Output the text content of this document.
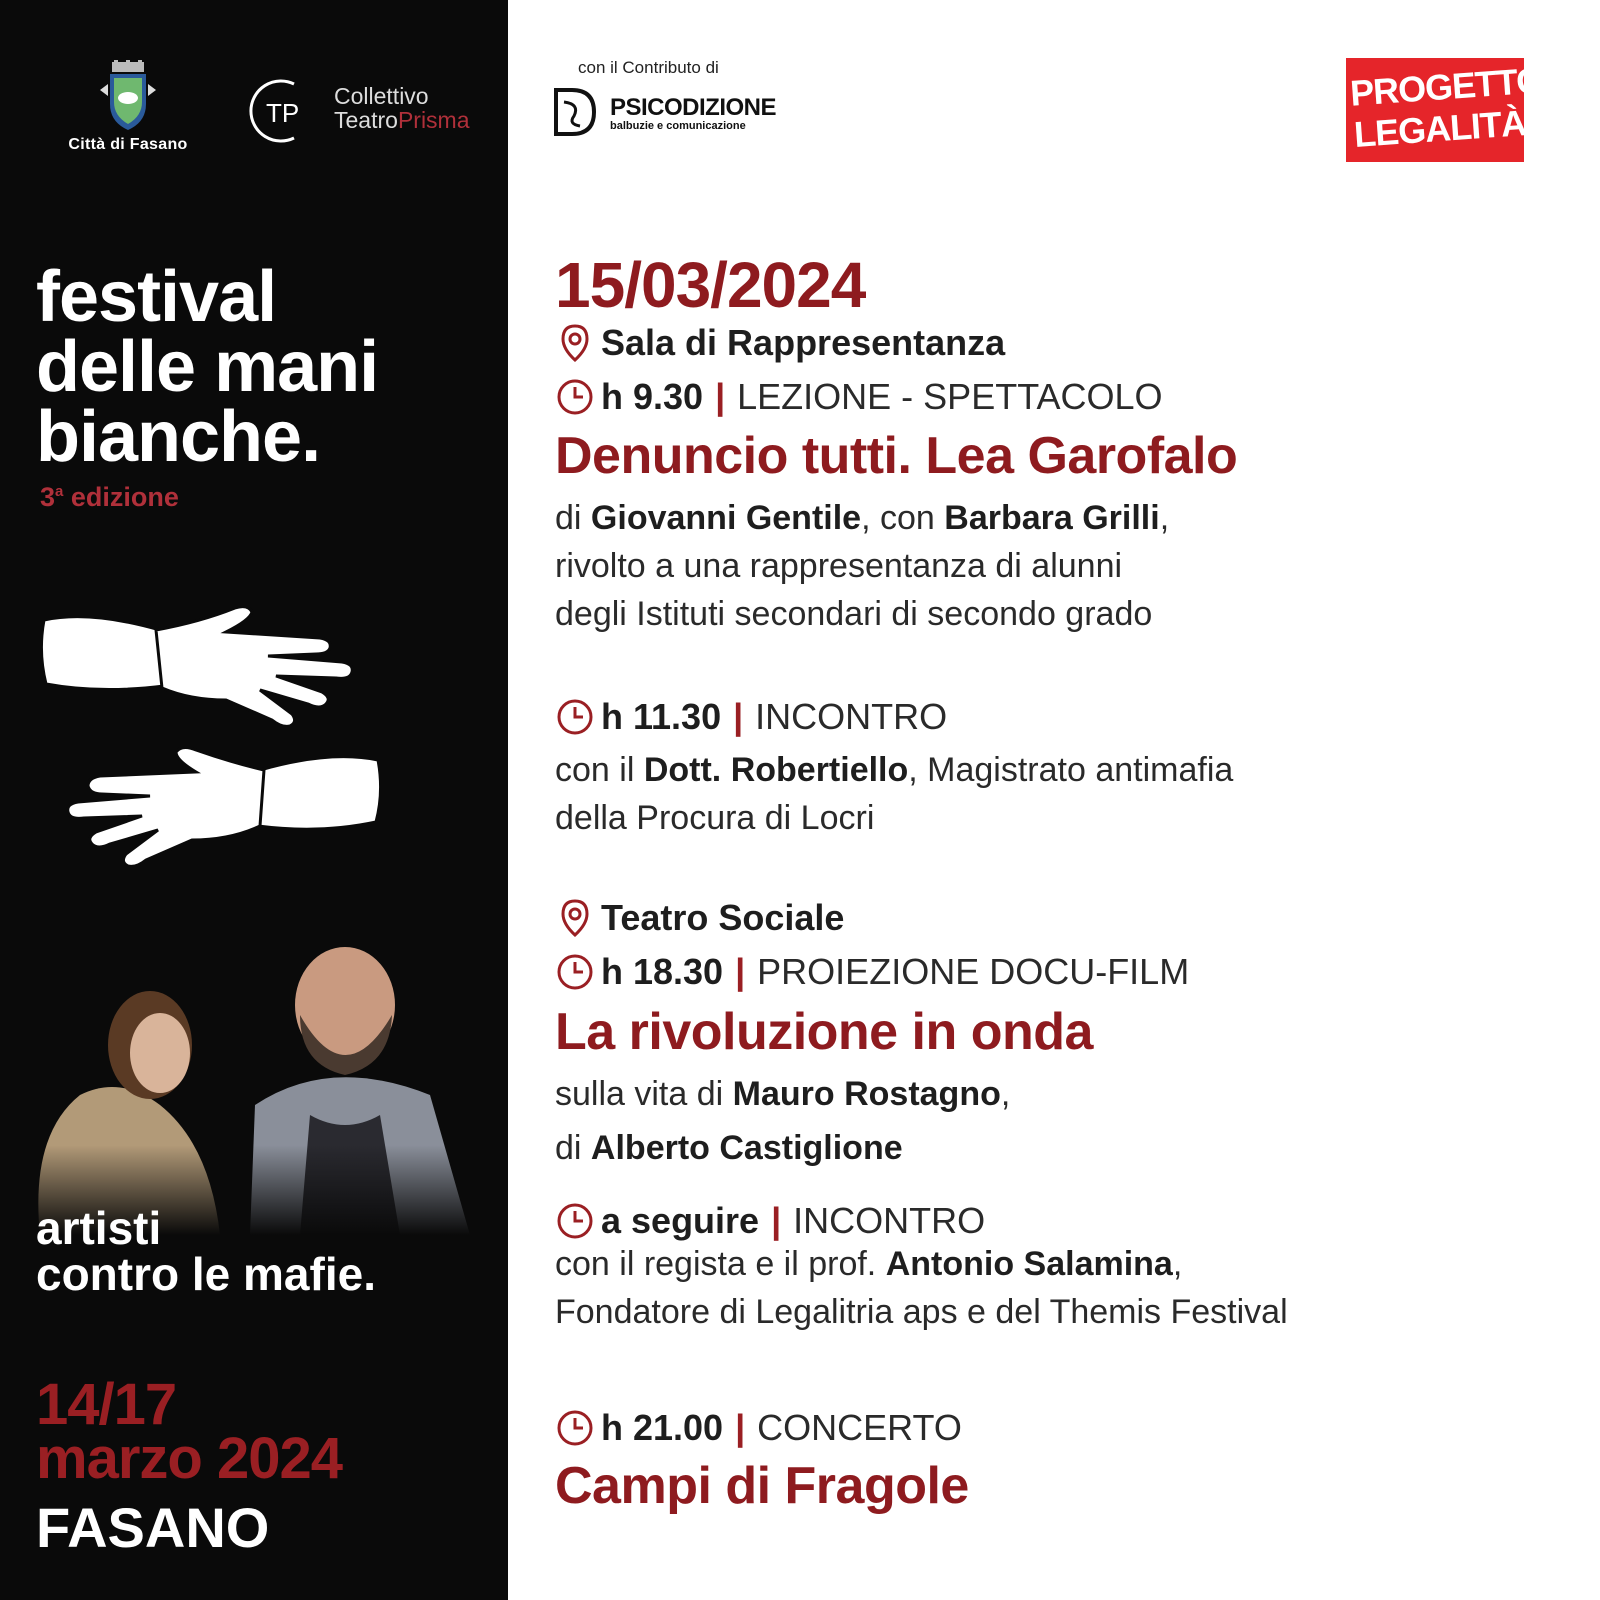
Città di Fasano
TP
Collettivo
TeatroPrisma
festival
delle mani
bianche.
3$^a$ edizione
artisti
contro le mafie.
14/17
marzo 2024
FASANO
con il Contributo di
PSICODIZIONE
balbuzie e comunicazione
PROGETTO
LEGALITÀ
15/03/2024
Sala di Rappresentanza
h 9.30 | LEZIONE - SPETTACOLO
Denuncio tutti. Lea Garofalo
di Giovanni Gentile, con Barbara Grilli,
rivolto a una rappresentanza di alunni
degli Istituti secondari di secondo grado
h 11.30 | INCONTRO
con il Dott. Robertiello, Magistrato antimafia
della Procura di Locri
Teatro Sociale
h 18.30 | PROIEZIONE DOCU-FILM
La rivoluzione in onda
sulla vita di Mauro Rostagno,
di Alberto Castiglione
a seguire | INCONTRO
con il regista e il prof. Antonio Salamina,
Fondatore di Legalitria aps e del Themis Festival
h 21.00 | CONCERTO
Campi di Fragole
